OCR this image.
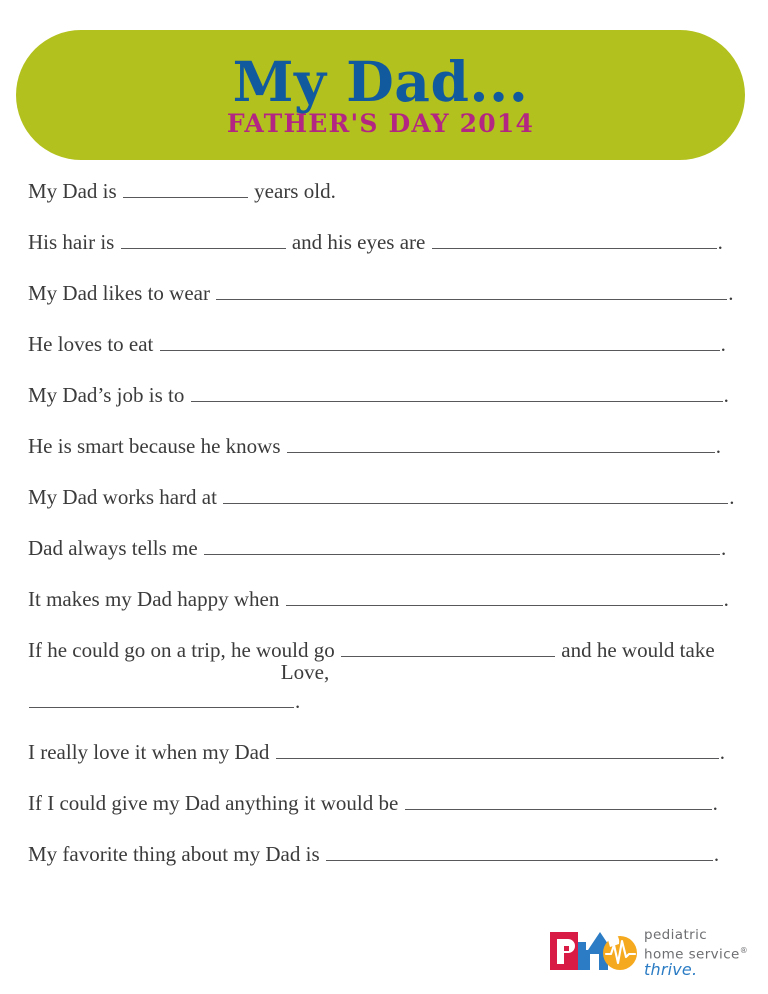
My Dad...
FATHER'S DAY 2014
My Dad is	years old.
His hair is	and his eyes are	.
My Dad likes to wear	.
He loves to eat	.
My Dad’s job is to	.
He is smart because he knows	.
My Dad works hard at	.
Dad always tells me	.
It makes my Dad happy when	.
If he could go on a trip, he would go	and he would take
.
I really love it when my Dad	.
If I could give my Dad anything it would be	.
My favorite thing about my Dad is	.
Love,
pediatric
home service®
thrive.
